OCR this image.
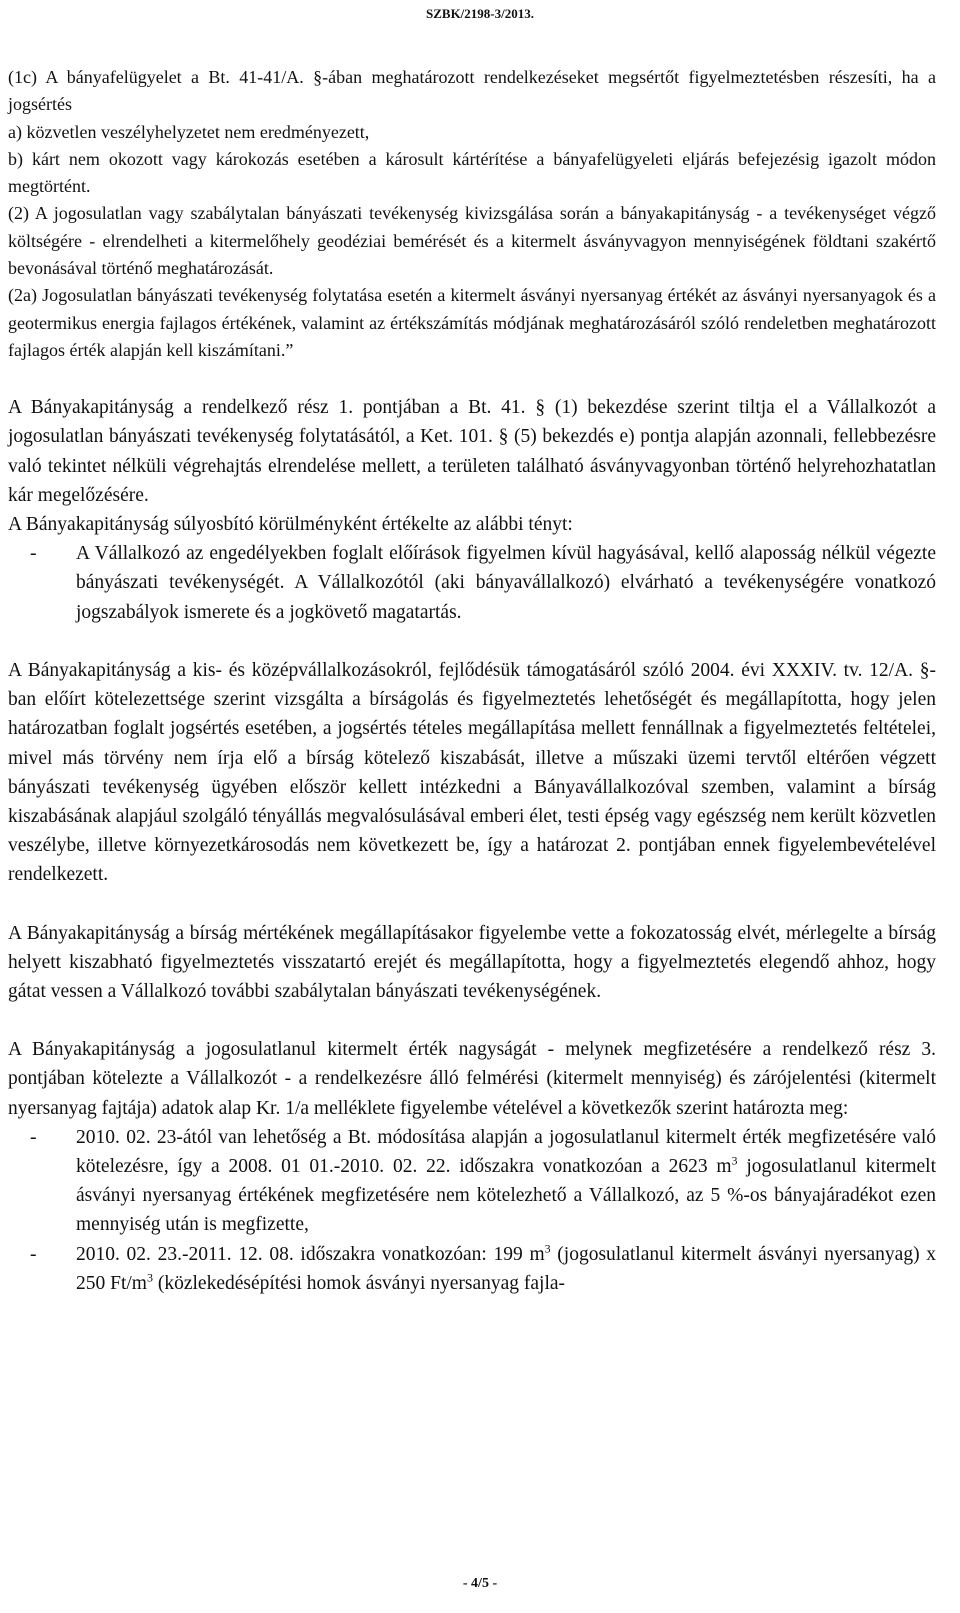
SZBK/2198-3/2013.

(1c) A bányafelügyelet a Bt. 41-41/A. §-ában meghatározott rendelkezéseket megsértőt figyelmeztetésben részesíti, ha a jogsértés

a) közvetlen veszélyhelyzetet nem eredményezett,

b) kárt nem okozott vagy károkozás esetében a károsult kártérítése a bányafelügyeleti eljárás befejezésig igazolt módon megtörtént.

(2) A jogosulatlan vagy szabálytalan bányászati tevékenység kivizsgálása során a bányakapitányság - a tevékenységet végző költségére - elrendelheti a kitermelőhely geodéziai bemérését és a kitermelt ásványvagyon mennyiségének földtani szakértő bevonásával történő meghatározását.

(2a) Jogosulatlan bányászati tevékenység folytatása esetén a kitermelt ásványi nyersanyag értékét az ásványi nyersanyagok és a geotermikus energia fajlagos értékének, valamint az értékszámítás módjának meghatározásáról szóló rendeletben meghatározott fajlagos érték alapján kell kiszámítani.”

A Bányakapitányság a rendelkező rész 1. pontjában a Bt. 41. § (1) bekezdése szerint tiltja el a Vállalkozót a jogosulatlan bányászati tevékenység folytatásától, a Ket. 101. § (5) bekezdés e) pontja alapján azonnali, fellebbezésre való tekintet nélküli végrehajtás elrendelése mellett, a területen található ásványvagyonban történő helyrehozhatatlan kár megelőzésére.

A Bányakapitányság súlyosbító körülményként értékelte az alábbi tényt:

- A Vállalkozó az engedélyekben foglalt előírások figyelmen kívül hagyásával, kellő alaposság nélkül végezte bányászati tevékenységét. A Vállalkozótól (aki bányavállalkozó) elvárható a tevékenységére vonatkozó jogszabályok ismerete és a jogkövető magatartás.

A Bányakapitányság a kis- és középvállalkozásokról, fejlődésük támogatásáról szóló 2004. évi XXXIV. tv. 12/A. §-ban előírt kötelezettsége szerint vizsgálta a bírságolás és figyelmeztetés lehetőségét és megállapította, hogy jelen határozatban foglalt jogsértés esetében, a jogsértés tételes megállapítása mellett fennállnak a figyelmeztetés feltételei, mivel más törvény nem írja elő a bírság kötelező kiszabását, illetve a műszaki üzemi tervtől eltérően végzett bányászati tevékenység ügyében először kellett intézkedni a Bányavállalkozóval szemben, valamint a bírság kiszabásának alapjául szolgáló tényállás megvalósulásával emberi élet, testi épség vagy egészség nem került közvetlen veszélybe, illetve környezetkárosodás nem következett be, így a határozat 2. pontjában ennek figyelembevételével rendelkezett.

A Bányakapitányság a bírság mértékének megállapításakor figyelembe vette a fokozatosság elvét, mérlegelte a bírság helyett kiszabható figyelmeztetés visszatartó erejét és megállapította, hogy a figyelmeztetés elegendő ahhoz, hogy gátat vessen a Vállalkozó további szabálytalan bányászati tevékenységének.

A Bányakapitányság a jogosulatlanul kitermelt érték nagyságát - melynek megfizetésére a rendelkező rész 3. pontjában kötelezte a Vállalkozót - a rendelkezésre álló felmérési (kitermelt mennyiség) és zárójelentési (kitermelt nyersanyag fajtája) adatok alap Kr. 1/a melléklete figyelembe vételével a következők szerint határozta meg:

- 2010. 02. 23-ától van lehetőség a Bt. módosítása alapján a jogosulatlanul kitermelt érték megfizetésére való kötelezésre, így a 2008. 01 01.-2010. 02. 22. időszakra vonatkozóan a 2623 $m^3$ jogosulatlanul kitermelt ásványi nyersanyag értékének megfizetésére nem kötelezhető a Vállalkozó, az 5 %-os bányajáradékot ezen mennyiség után is megfizette,
- 2010. 02. 23.-2011. 12. 08. időszakra vonatkozóan: 199 $m^3$ (jogosulatlanul kitermelt ásványi nyersanyag) x 250 $Ft/m^3$ (közlekedésépítési homok ásványi nyersanyag fajla-
- 4/5 -
